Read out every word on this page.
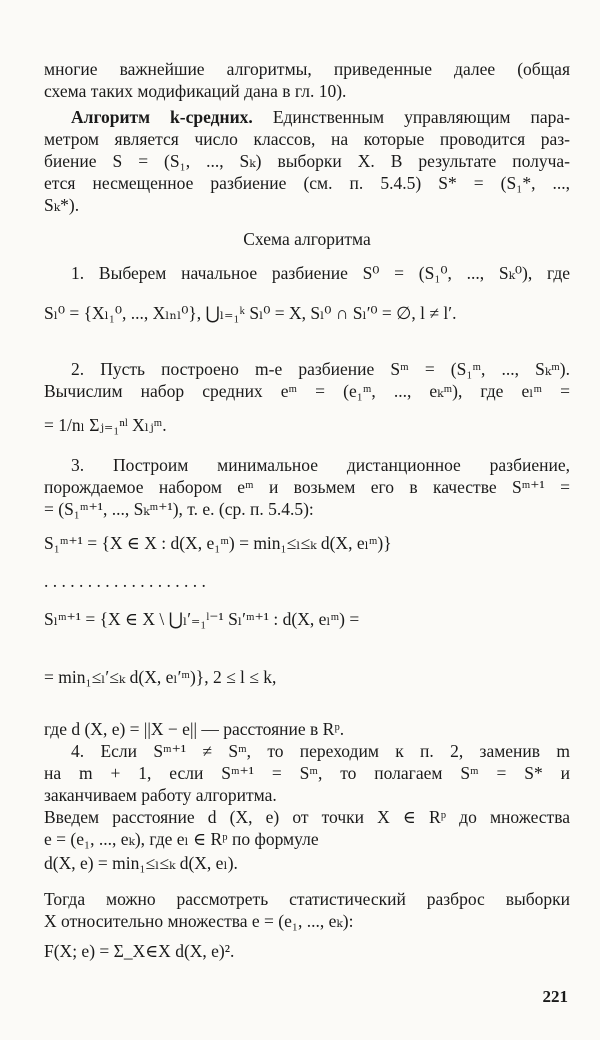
многие важнейшие алгоритмы, приведенные далее (общая
схема таких модификаций дана в гл. 10).
Алгоритм k-средних. Единственным управляющим пара-
метром является число классов, на которые проводится раз-
биение S = (S₁, ..., Sₖ) выборки X. В результате получа-
ется несмещенное разбиение (см. п. 5.4.5) S* = (S₁*, ...,
Sₖ*).
Схема алгоритма
1. Выберем начальное разбиение S⁰ = (S₁⁰, ..., Sₖ⁰), где
Sₗ⁰ = {Xₗ₁⁰, ..., Xₗₙₗ⁰}, ⋃ₗ₌₁ᵏ Sₗ⁰ = X, Sₗ⁰ ∩ Sₗ′⁰ = ∅, l ≠ l′.
2. Пусть построено m-е разбиение Sᵐ = (S₁ᵐ, ..., Sₖᵐ).
Вычислим набор средних eᵐ = (e₁ᵐ, ..., eₖᵐ), где eₗᵐ =
= 1/nₗ Σⱼ₌₁ⁿˡ Xₗⱼᵐ.
3. Построим минимальное дистанционное разбиение,
порождаемое набором eᵐ и возьмем его в качестве Sᵐ⁺¹ =
= (S₁ᵐ⁺¹, ..., Sₖᵐ⁺¹), т. е. (ср. п. 5.4.5):
S₁ᵐ⁺¹ = {X ∈ X : d(X, e₁ᵐ) = min₁≤ₗ≤ₖ d(X, eₗᵐ)}
. . . . . . . . . . . . . . . . . . .
Sₗᵐ⁺¹ = {X ∈ X \ ⋃ₗ′₌₁ˡ⁻¹ Sₗ′ᵐ⁺¹ : d(X, eₗᵐ) =
= min₁≤ₗ′≤ₖ d(X, eₗ′ᵐ)}, 2 ≤ l ≤ k,
где d (X, e) = ||X − e|| — расстояние в Rᵖ.
4. Если Sᵐ⁺¹ ≠ Sᵐ, то переходим к п. 2, заменив m
на m + 1, если Sᵐ⁺¹ = Sᵐ, то полагаем Sᵐ = S* и
заканчиваем работу алгоритма.
Введем расстояние d (X, e) от точки X ∈ Rᵖ до множества
e = (e₁, ..., eₖ), где eₗ ∈ Rᵖ по формуле
d(X, e) = min₁≤ₗ≤ₖ d(X, eₗ).
Тогда можно рассмотреть статистический разброс выборки
X относительно множества e = (e₁, ..., eₖ):
F(X; e) = Σ_X∈X d(X, e)².
221
